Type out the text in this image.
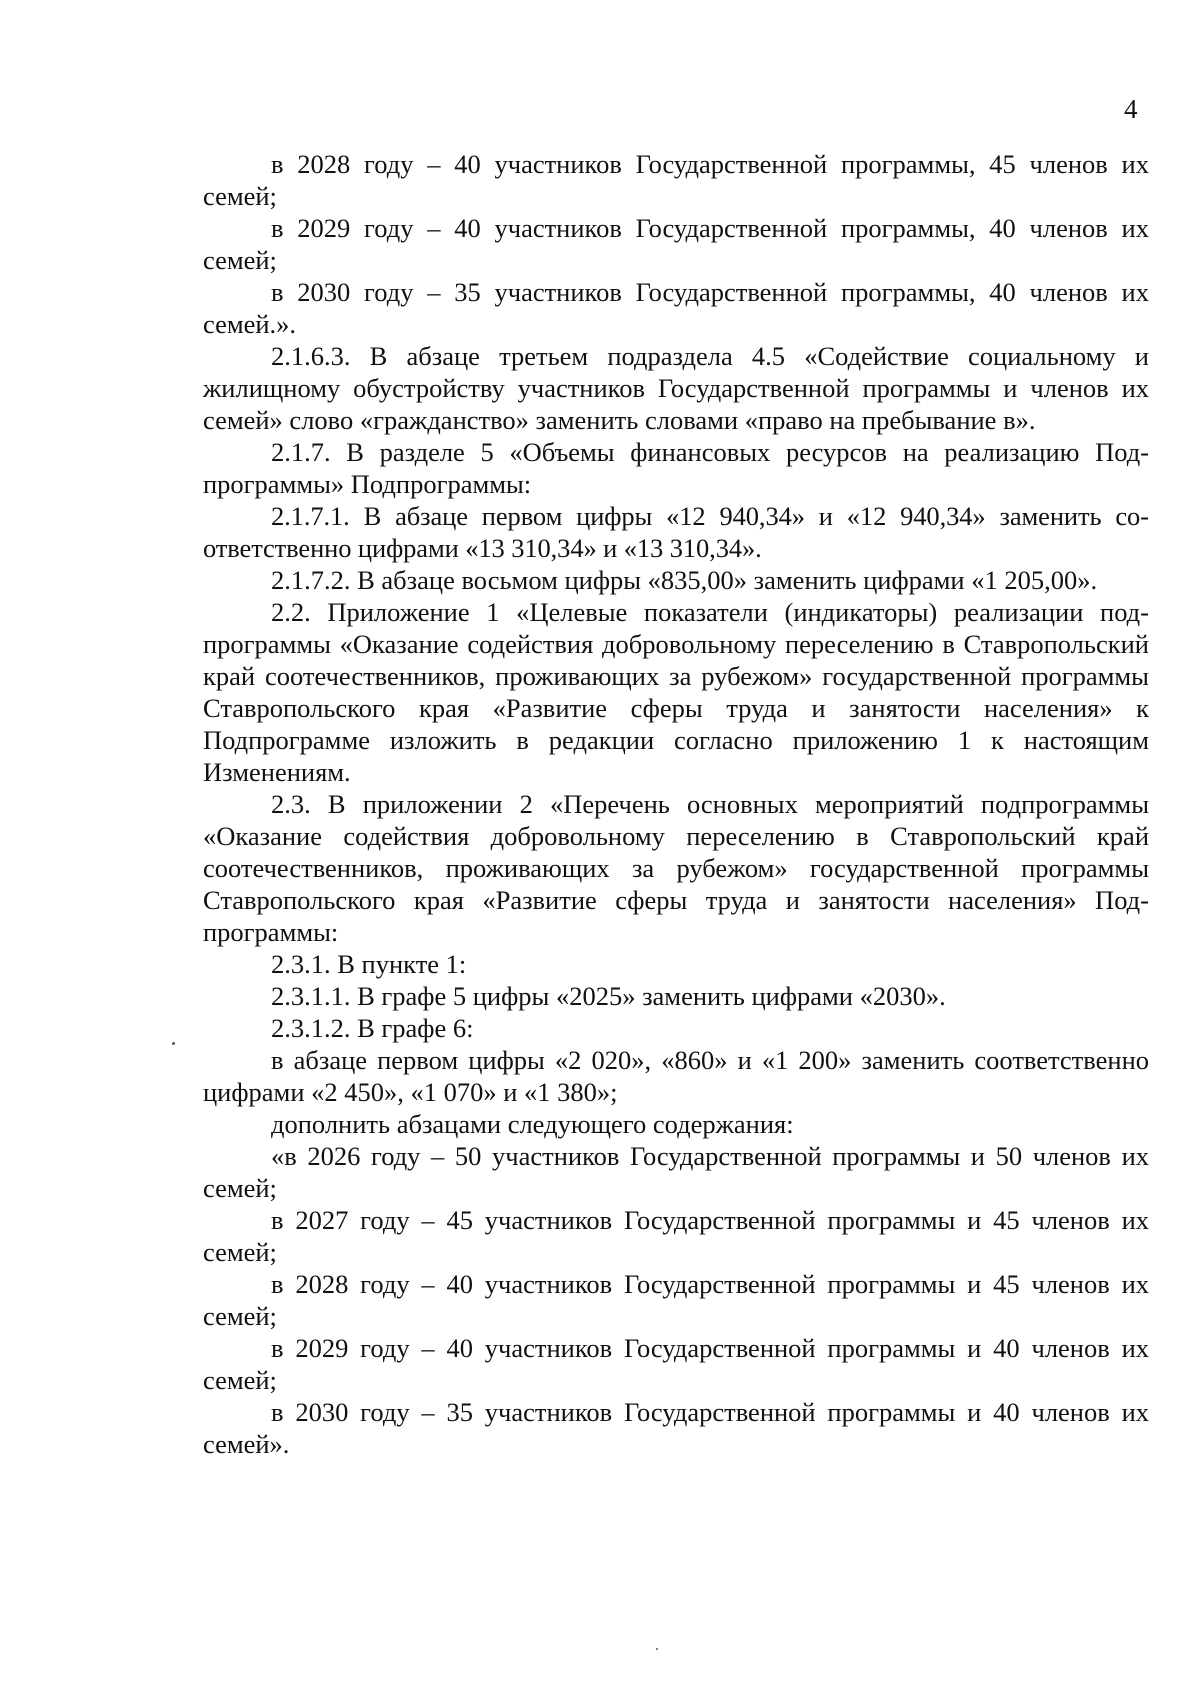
4

в 2028 году – 40 участников Государственной программы, 45 членов их семей;

в 2029 году – 40 участников Государственной программы, 40 членов их семей;

в 2030 году – 35 участников Государственной программы, 40 членов их семей.».

2.1.6.3. В абзаце третьем подраздела 4.5 «Содействие социальному и жилищному обустройству участников Государственной программы и членов их семей» слово «гражданство» заменить словами «право на пребывание в».

2.1.7. В разделе 5 «Объемы финансовых ресурсов на реализацию Подпрограммы» Подпрограммы:

2.1.7.1. В абзаце первом цифры «12 940,34» и «12 940,34» заменить соответственно цифрами «13 310,34» и «13 310,34».

2.1.7.2. В абзаце восьмом цифры «835,00» заменить цифрами «1 205,00».

2.2. Приложение 1 «Целевые показатели (индикаторы) реализации подпрограммы «Оказание содействия добровольному переселению в Ставропольский край соотечественников, проживающих за рубежом» государственной программы Ставропольского края «Развитие сферы труда и занятости населения» к Подпрограмме изложить в редакции согласно приложению 1 к настоящим Изменениям.

2.3. В приложении 2 «Перечень основных мероприятий подпрограммы «Оказание содействия добровольному переселению в Ставропольский край соотечественников, проживающих за рубежом» государственной программы Ставропольского края «Развитие сферы труда и занятости населения» Подпрограммы:

2.3.1. В пункте 1:

2.3.1.1. В графе 5 цифры «2025» заменить цифрами «2030».

2.3.1.2. В графе 6:

в абзаце первом цифры «2 020», «860» и «1 200» заменить соответственно цифрами «2 450», «1 070» и «1 380»;

дополнить абзацами следующего содержания:

«в 2026 году – 50 участников Государственной программы и 50 членов их семей;

в 2027 году – 45 участников Государственной программы и 45 членов их семей;

в 2028 году – 40 участников Государственной программы и 45 членов их семей;

в 2029 году – 40 участников Государственной программы и 40 членов их семей;

в 2030 году – 35 участников Государственной программы и 40 членов их семей».
